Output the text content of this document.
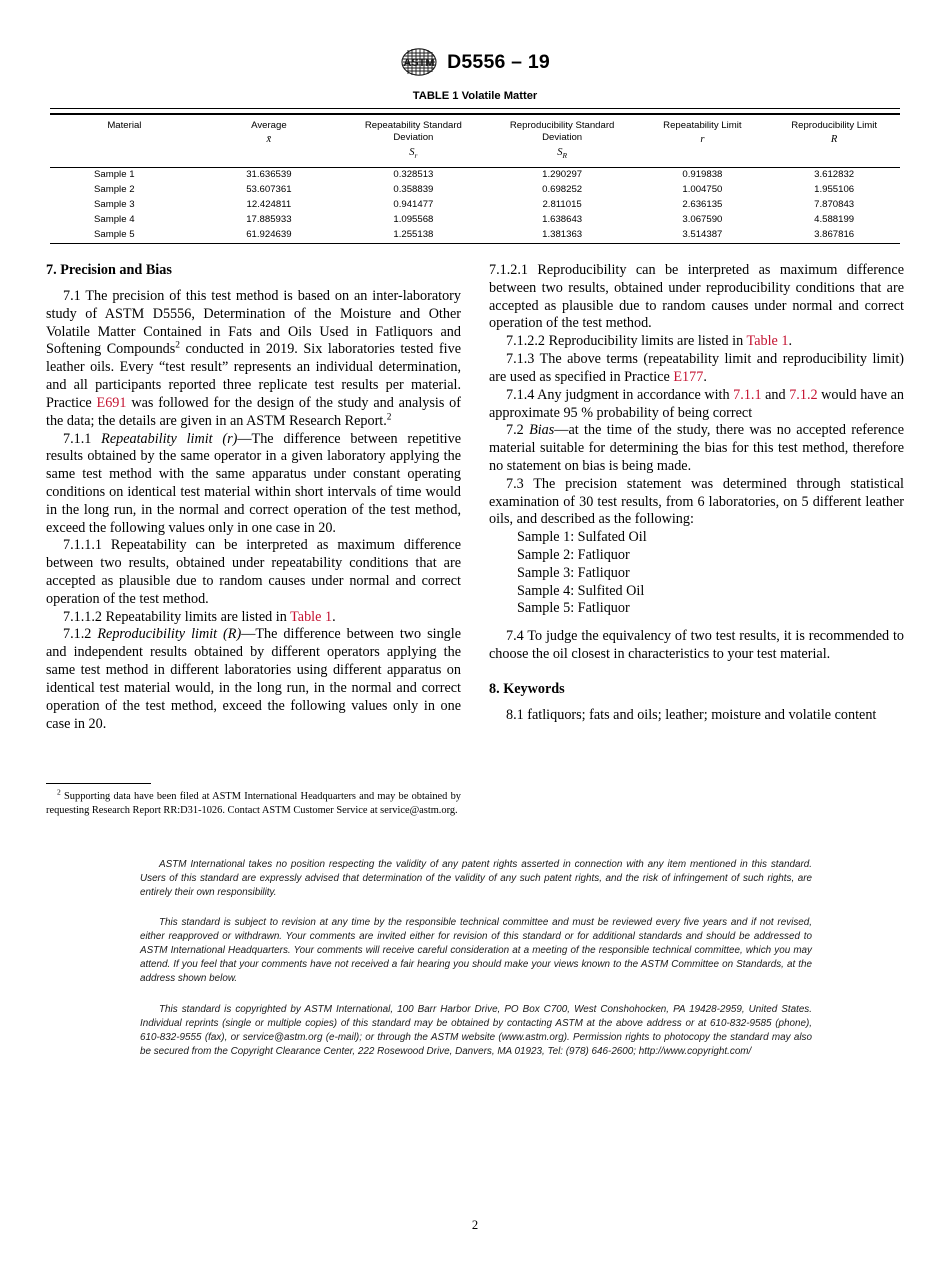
ASTM D5556 – 19
TABLE 1 Volatile Matter
Material	Average
x̄
	Repeatability Standard
Deviation
$S_r$
	Reproducibility Standard
Deviation
$S_R$
	Repeatability Limit
r
	Reproducibility Limit
R
Sample 1	31.636539	0.328513	1.290297	0.919838	3.612832
Sample 2	53.607361	0.358839	0.698252	1.004750	1.955106
Sample 3	12.424811	0.941477	2.811015	2.636135	7.870843
Sample 4	17.885933	1.095568	1.638643	3.067590	4.588199
Sample 5	61.924639	1.255138	1.381363	3.514387	3.867816
7. Precision and Bias

7.1 The precision of this test method is based on an inter-laboratory study of ASTM D5556, Determination of the Moisture and Other Volatile Matter Contained in Fats and Oils Used in Fatliquors and Softening Compounds$^2$ conducted in 2019. Six laboratories tested five leather oils. Every “test result” represents an individual determination, and all participants reported three replicate test results per material. Practice E691 was followed for the design of the study and analysis of the data; the details are given in an ASTM Research Report.$^2$

7.1.1 Repeatability limit (r)—The difference between repetitive results obtained by the same operator in a given laboratory applying the same test method with the same apparatus under constant operating conditions on identical test material within short intervals of time would in the long run, in the normal and correct operation of the test method, exceed the following values only in one case in 20.

7.1.1.1 Repeatability can be interpreted as maximum difference between two results, obtained under repeatability conditions that are accepted as plausible due to random causes under normal and correct operation of the test method.

7.1.1.2 Repeatability limits are listed in Table 1.

7.1.2 Reproducibility limit (R)—The difference between two single and independent results obtained by different operators applying the same test method in different laboratories using different apparatus on identical test material would, in the long run, in the normal and correct operation of the test method, exceed the following values only in one case in 20.

7.1.2.1 Reproducibility can be interpreted as maximum difference between two results, obtained under reproducibility conditions that are accepted as plausible due to random causes under normal and correct operation of the test method.

7.1.2.2 Reproducibility limits are listed in Table 1.

7.1.3 The above terms (repeatability limit and reproducibility limit) are used as specified in Practice E177.

7.1.4 Any judgment in accordance with 7.1.1 and 7.1.2 would have an approximate 95 % probability of being correct

7.2 Bias—at the time of the study, there was no accepted reference material suitable for determining the bias for this test method, therefore no statement on bias is being made.

7.3 The precision statement was determined through statistical examination of 30 test results, from 6 laboratories, on 5 different leather oils, and described as the following:

Sample 1: Sulfated Oil

Sample 2: Fatliquor

Sample 3: Fatliquor

Sample 4: Sulfited Oil

Sample 5: Fatliquor

7.4 To judge the equivalency of two test results, it is recommended to choose the oil closest in characteristics to your test material.

8. Keywords

8.1 fatliquors; fats and oils; leather; moisture and volatile content

$^2$ Supporting data have been filed at ASTM International Headquarters and may be obtained by requesting Research Report RR:D31-1026. Contact ASTM Customer Service at service@astm.org.

ASTM International takes no position respecting the validity of any patent rights asserted in connection with any item mentioned in this standard. Users of this standard are expressly advised that determination of the validity of any such patent rights, and the risk of infringement of such rights, are entirely their own responsibility.

This standard is subject to revision at any time by the responsible technical committee and must be reviewed every five years and if not revised, either reapproved or withdrawn. Your comments are invited either for revision of this standard or for additional standards and should be addressed to ASTM International Headquarters. Your comments will receive careful consideration at a meeting of the responsible technical committee, which you may attend. If you feel that your comments have not received a fair hearing you should make your views known to the ASTM Committee on Standards, at the address shown below.

This standard is copyrighted by ASTM International, 100 Barr Harbor Drive, PO Box C700, West Conshohocken, PA 19428-2959, United States. Individual reprints (single or multiple copies) of this standard may be obtained by contacting ASTM at the above address or at 610-832-9585 (phone), 610-832-9555 (fax), or service@astm.org (e-mail); or through the ASTM website (www.astm.org). Permission rights to photocopy the standard may also be secured from the Copyright Clearance Center, 222 Rosewood Drive, Danvers, MA 01923, Tel: (978) 646-2600; http://www.copyright.com/

2
